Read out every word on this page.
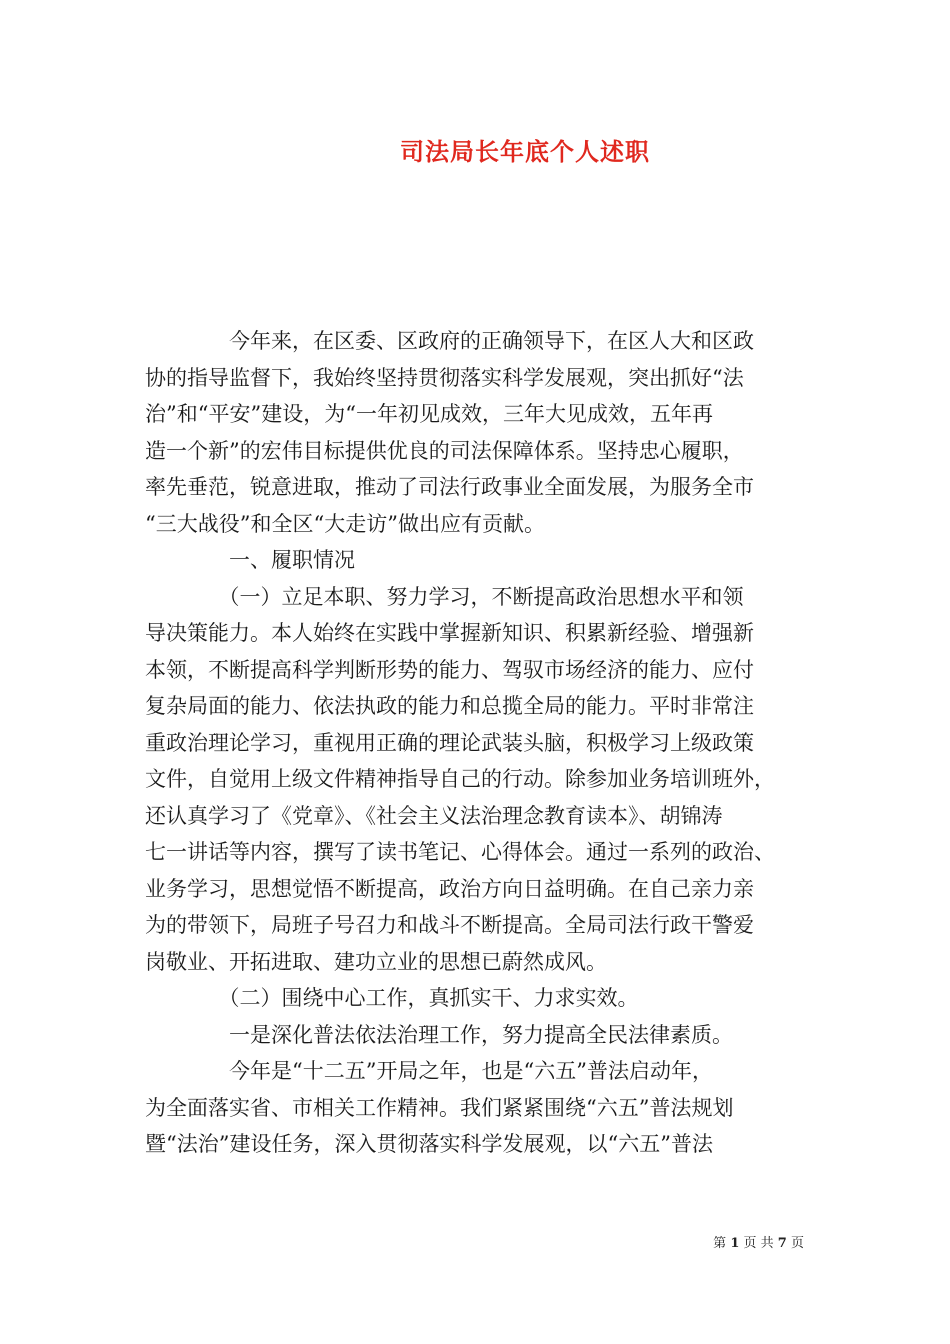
司法局长年底个人述职
　　　　今年来，在区委、区政府的正确领导下，在区人大和区政
协的指导监督下，我始终坚持贯彻落实科学发展观，突出抓好“法
治”和“平安”建设，为“一年初见成效，三年大见成效，五年再
造一个新”的宏伟目标提供优良的司法保障体系。坚持忠心履职，
率先垂范，锐意进取，推动了司法行政事业全面发展，为服务全市
“三大战役”和全区“大走访”做出应有贡献。
　　　　一、履职情况
　　　　（一）立足本职、努力学习，不断提高政治思想水平和领
导决策能力。本人始终在实践中掌握新知识、积累新经验、增强新
本领，不断提高科学判断形势的能力、驾驭市场经济的能力、应付
复杂局面的能力、依法执政的能力和总揽全局的能力。平时非常注
重政治理论学习，重视用正确的理论武装头脑，积极学习上级政策
文件，自觉用上级文件精神指导自己的行动。除参加业务培训班外，
还认真学习了《党章》、《社会主义法治理念教育读本》、胡锦涛
七一讲话等内容，撰写了读书笔记、心得体会。通过一系列的政治、
业务学习，思想觉悟不断提高，政治方向日益明确。在自己亲力亲
为的带领下，局班子号召力和战斗不断提高。全局司法行政干警爱
岗敬业、开拓进取、建功立业的思想已蔚然成风。
　　　　（二）围绕中心工作，真抓实干、力求实效。
　　　　一是深化普法依法治理工作，努力提高全民法律素质。
　　　　今年是“十二五”开局之年，也是“六五”普法启动年，
为全面落实省、市相关工作精神。我们紧紧围绕“六五”普法规划
暨“法治”建设任务，深入贯彻落实科学发展观，以“六五”普法
第 1 页 共 7 页
